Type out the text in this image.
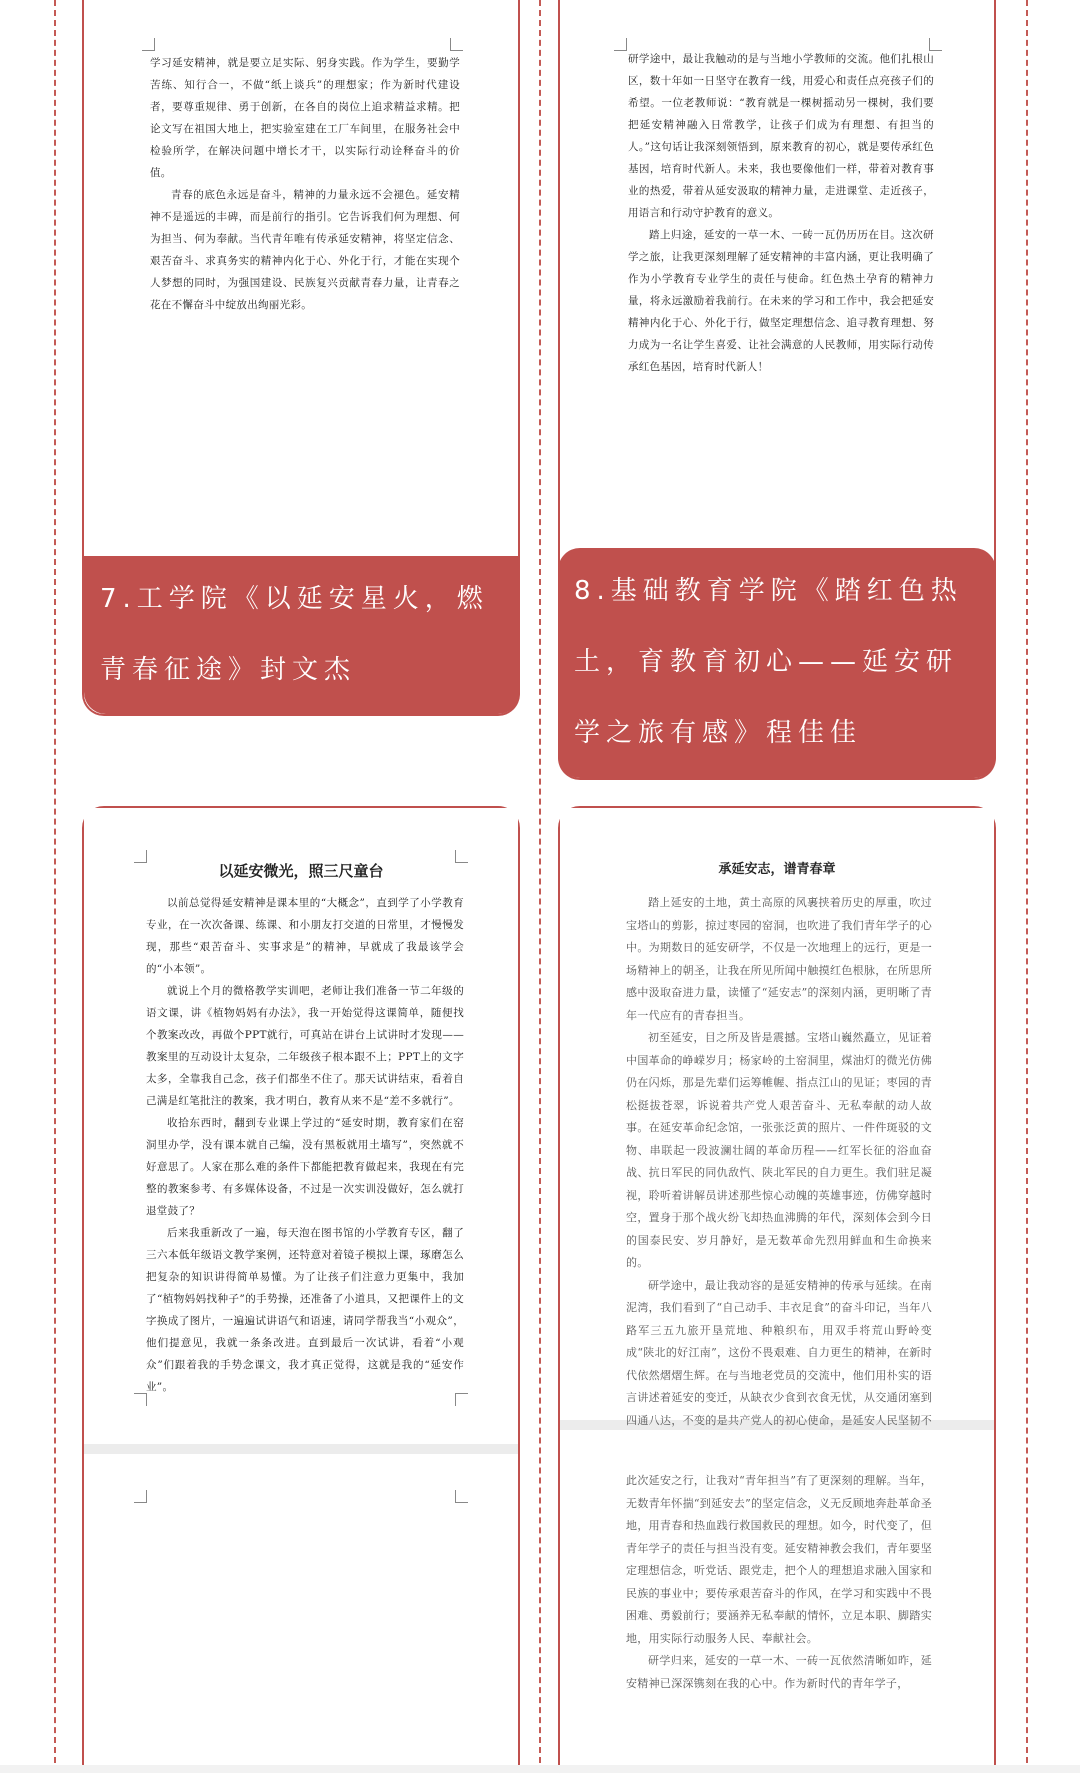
学习延安精神，就是要立足实际、躬身实践。作为学生，要勤学苦练、知行合一，不做“纸上谈兵”的理想家；作为新时代建设者，要尊重规律、勇于创新，在各自的岗位上追求精益求精。把论文写在祖国大地上，把实验室建在工厂车间里，在服务社会中检验所学，在解决问题中增长才干，以实际行动诠释奋斗的价值。

青春的底色永远是奋斗，精神的力量永远不会褪色。延安精神不是遥远的丰碑，而是前行的指引。它告诉我们何为理想、何为担当、何为奉献。当代青年唯有传承延安精神，将坚定信念、艰苦奋斗、求真务实的精神内化于心、外化于行，才能在实现个人梦想的同时，为强国建设、民族复兴贡献青春力量，让青春之花在不懈奋斗中绽放出绚丽光彩。

7.工学院《以延安星火，燃青春征途》封文杰

研学途中，最让我触动的是与当地小学教师的交流。他们扎根山区，数十年如一日坚守在教育一线，用爱心和责任点亮孩子们的希望。一位老教师说：“教育就是一棵树摇动另一棵树，我们要把延安精神融入日常教学，让孩子们成为有理想、有担当的人。”这句话让我深刻领悟到，原来教育的初心，就是要传承红色基因，培育时代新人。未来，我也要像他们一样，带着对教育事业的热爱，带着从延安汲取的精神力量，走进课堂、走近孩子，用语言和行动守护教育的意义。

踏上归途，延安的一草一木、一砖一瓦仍历历在目。这次研学之旅，让我更深刻理解了延安精神的丰富内涵，更让我明确了作为小学教育专业学生的责任与使命。红色热土孕育的精神力量，将永远激励着我前行。在未来的学习和工作中，我会把延安精神内化于心、外化于行，做坚定理想信念、追寻教育理想、努力成为一名让学生喜爱、让社会满意的人民教师，用实际行动传承红色基因，培育时代新人！

8.基础教育学院《踏红色热土，育教育初心——延安研学之旅有感》程佳佳
以延安微光，照三尺童台

以前总觉得延安精神是课本里的“大概念”，直到学了小学教育专业，在一次次备课、练课、和小朋友打交道的日常里，才慢慢发现，那些“艰苦奋斗、实事求是”的精神，早就成了我最该学会的“小本领”。

就说上个月的微格教学实训吧，老师让我们准备一节二年级的语文课，讲《植物妈妈有办法》，我一开始觉得这课简单，随便找个教案改改，再做个PPT就行，可真站在讲台上试讲时才发现——教案里的互动设计太复杂，二年级孩子根本跟不上；PPT上的文字太多，全靠我自己念，孩子们都坐不住了。那天试讲结束，看着自己满是红笔批注的教案，我才明白，教育从来不是“差不多就行”。

收拾东西时，翻到专业课上学过的“延安时期，教育家们在窑洞里办学，没有课本就自己编，没有黑板就用土墙写”，突然就不好意思了。人家在那么难的条件下都能把教育做起来，我现在有完整的教案参考、有多媒体设备，不过是一次实训没做好，怎么就打退堂鼓了？

后来我重新改了一遍，每天泡在图书馆的小学教育专区，翻了三六本低年级语文教学案例，还特意对着镜子模拟上课，琢磨怎么把复杂的知识讲得简单易懂。为了让孩子们注意力更集中，我加了“植物妈妈找种子”的手势操，还准备了小道具，又把课件上的文字换成了图片，一遍遍试讲语气和语速，请同学帮我当“小观众”，他们提意见，我就一条条改进。直到最后一次试讲，看着“小观众”们跟着我的手势念课文，我才真正觉得，这就是我的“延安作业”。

承延安志，谱青春章

踏上延安的土地，黄土高原的风裹挟着历史的厚重，吹过宝塔山的剪影，掠过枣园的窑洞，也吹进了我们青年学子的心中。为期数日的延安研学，不仅是一次地理上的远行，更是一场精神上的朝圣，让我在所见所闻中触摸红色根脉，在所思所感中汲取奋进力量，读懂了“延安志”的深刻内涵，更明晰了青年一代应有的青春担当。

初至延安，目之所及皆是震撼。宝塔山巍然矗立，见证着中国革命的峥嵘岁月；杨家岭的土窑洞里，煤油灯的微光仿佛仍在闪烁，那是先辈们运筹帷幄、指点江山的见证；枣园的青松挺拔苍翠，诉说着共产党人艰苦奋斗、无私奉献的动人故事。在延安革命纪念馆，一张张泛黄的照片、一件件斑驳的文物、串联起一段波澜壮阔的革命历程——红军长征的浴血奋战、抗日军民的同仇敌忾、陕北军民的自力更生。我们驻足凝视，聆听着讲解员讲述那些惊心动魄的英雄事迹，仿佛穿越时空，置身于那个战火纷飞却热血沸腾的年代，深刻体会到今日的国泰民安、岁月静好，是无数革命先烈用鲜血和生命换来的。

研学途中，最让我动容的是延安精神的传承与延续。在南泥湾，我们看到了“自己动手、丰衣足食”的奋斗印记，当年八路军三五九旅开垦荒地、种粮织布，用双手将荒山野岭变成“陕北的好江南”，这份不畏艰难、自力更生的精神，在新时代依然熠熠生辉。在与当地老党员的交流中，他们用朴实的语言讲述着延安的变迁，从缺衣少食到衣食无忧，从交通闭塞到四通八达，不变的是共产党人的初心使命，是延安人民坚韧不

此次延安之行，让我对“青年担当”有了更深刻的理解。当年，无数青年怀揣“到延安去”的坚定信念，义无反顾地奔赴革命圣地，用青春和热血践行救国救民的理想。如今，时代变了，但青年学子的责任与担当没有变。延安精神教会我们，青年要坚定理想信念，听党话、跟党走，把个人的理想追求融入国家和民族的事业中；要传承艰苦奋斗的作风，在学习和实践中不畏困难、勇毅前行；要涵养无私奉献的情怀，立足本职、脚踏实地，用实际行动服务人民、奉献社会。

研学归来，延安的一草一木、一砖一瓦依然清晰如昨，延安精神已深深镌刻在我的心中。作为新时代的青年学子，
